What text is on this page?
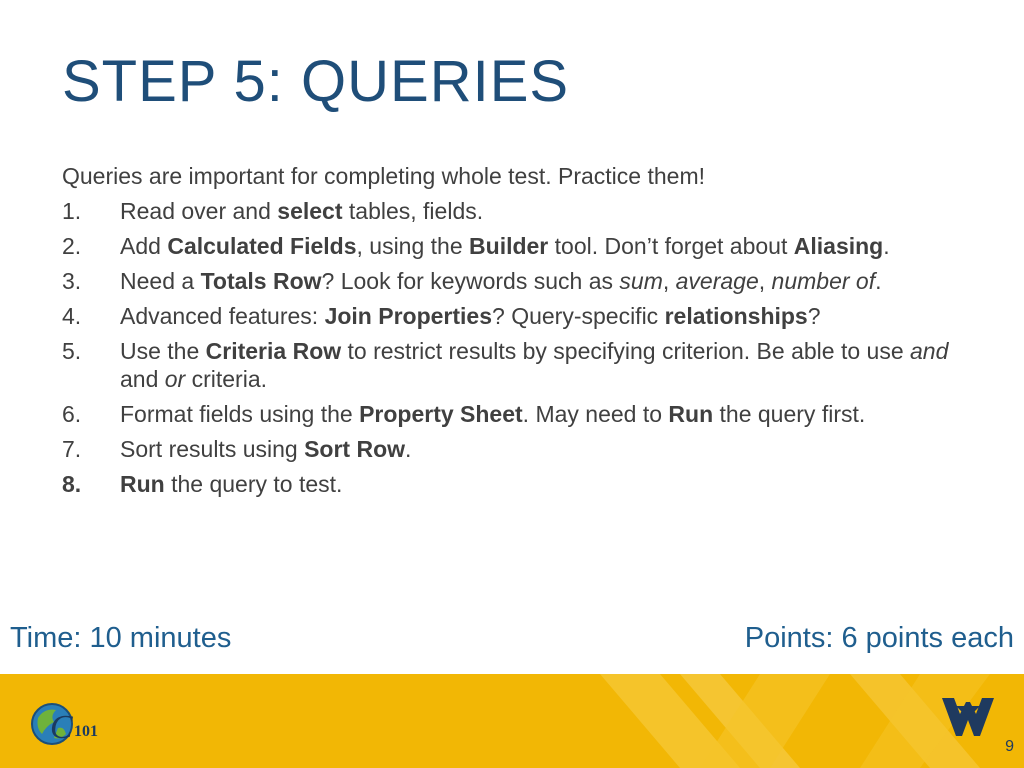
STEP 5: QUERIES

Queries are important for completing whole test. Practice them!

1.	Read over and select tables, fields.
2.	Add Calculated Fields, using the Builder tool. Don’t forget about Aliasing.
3.	Need a Totals Row? Look for keywords such as sum, average, number of.
4.	Advanced features: Join Properties? Query-specific relationships?
5.	Use the Criteria Row to restrict results by specifying criterion. Be able to use and and or criteria.
6.	Format fields using the Property Sheet. May need to Run the query first.
7.	Sort results using Sort Row.
8.	Run the query to test.
Time: 10 minutes	Points: 6 points each
C 101
9
